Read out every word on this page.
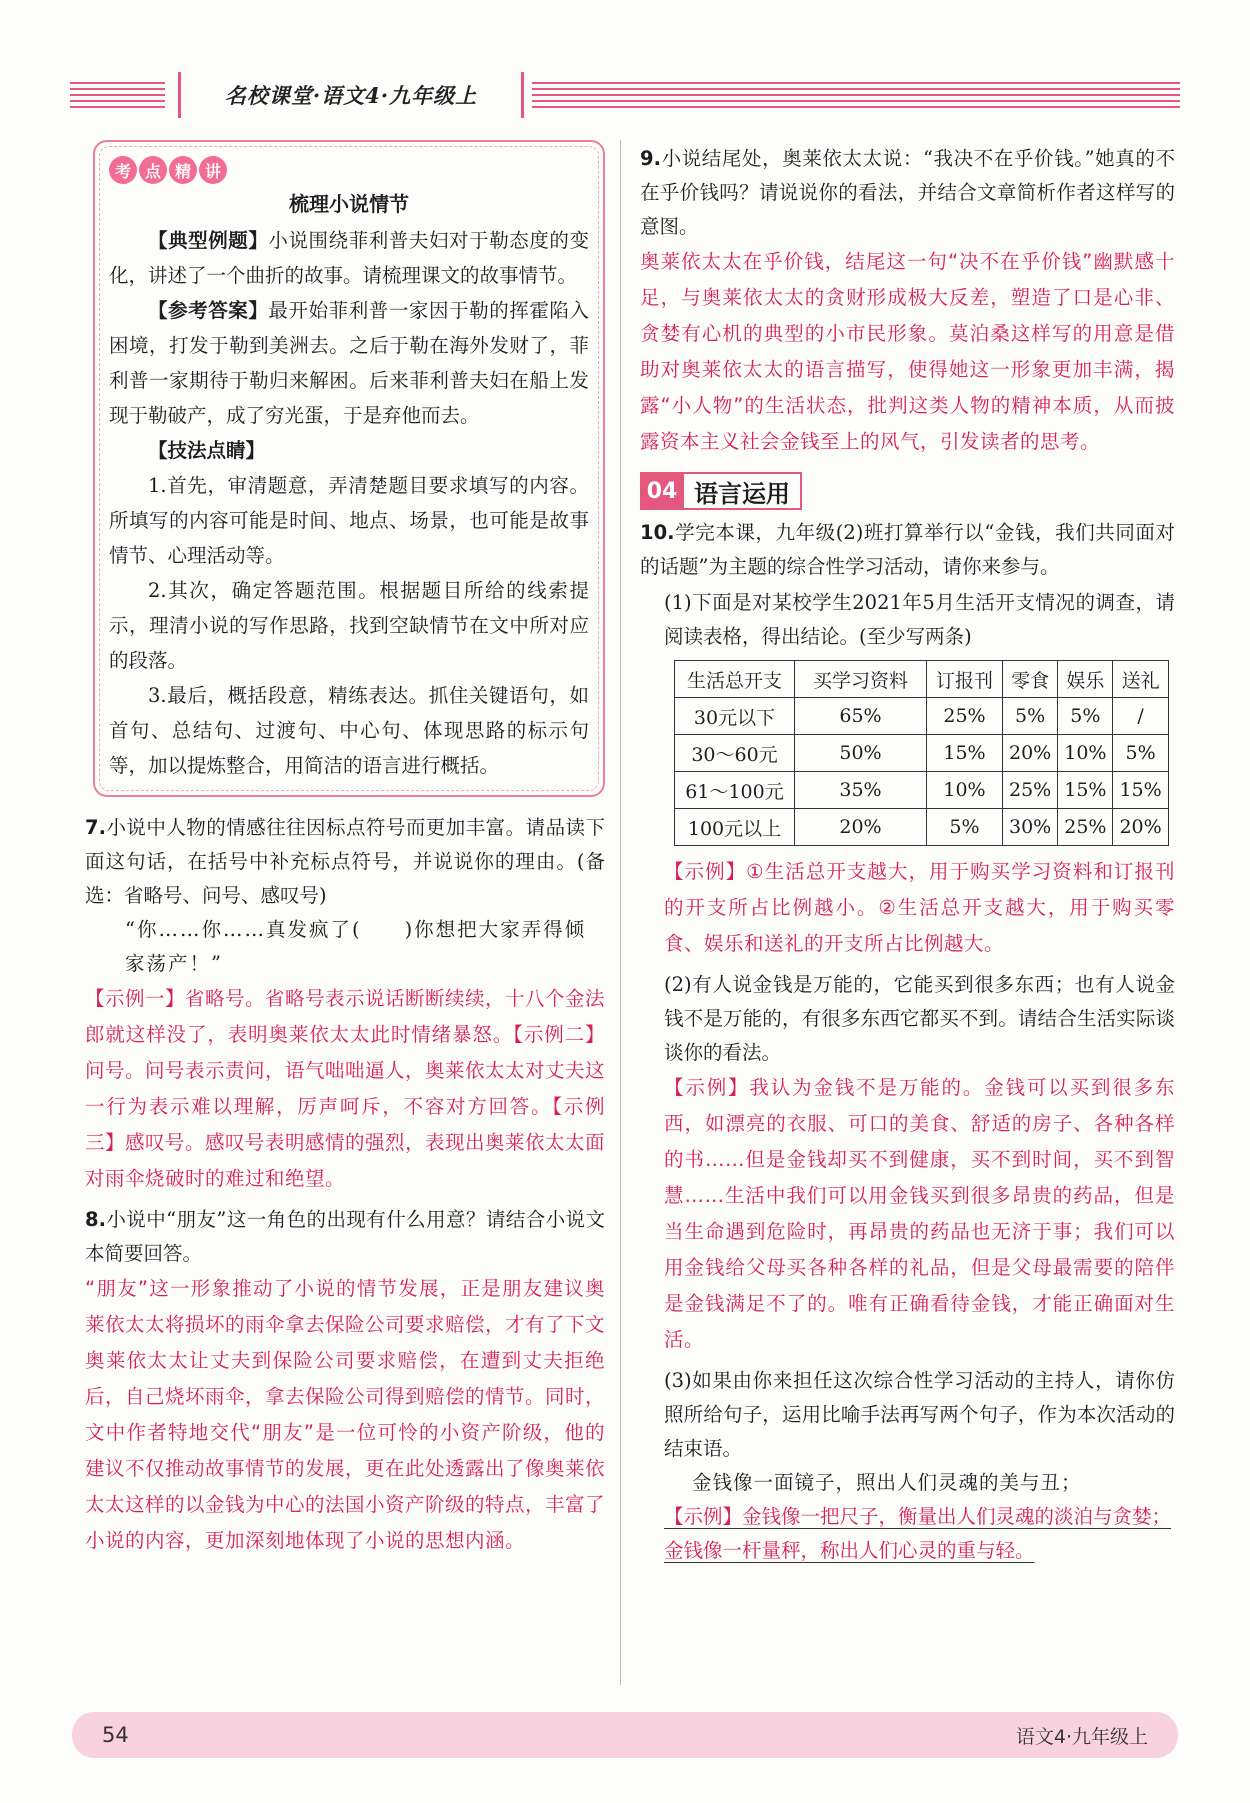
名校课堂·语文4·九年级上
考 点 精 讲
梳理小说情节

【典型例题】小说围绕菲利普夫妇对于勒态度的变化，讲述了一个曲折的故事。请梳理课文的故事情节。

【参考答案】最开始菲利普一家因于勒的挥霍陷入困境，打发于勒到美洲去。之后于勒在海外发财了，菲利普一家期待于勒归来解困。后来菲利普夫妇在船上发现于勒破产，成了穷光蛋，于是弃他而去。

【技法点睛】

1.首先，审清题意，弄清楚题目要求填写的内容。所填写的内容可能是时间、地点、场景，也可能是故事情节、心理活动等。

2.其次，确定答题范围。根据题目所给的线索提示，理清小说的写作思路，找到空缺情节在文中所对应的段落。

3.最后，概括段意，精练表达。抓住关键语句，如首句、总结句、过渡句、中心句、体现思路的标示句等，加以提炼整合，用简洁的语言进行概括。

7.小说中人物的情感往往因标点符号而更加丰富。请品读下面这句话，在括号中补充标点符号，并说说你的理由。(备选：省略号、问号、感叹号)

“你……你……真发疯了(　　)你想把大家弄得倾家荡产！”

【示例一】省略号。省略号表示说话断断续续，十八个金法郎就这样没了，表明奥莱依太太此时情绪暴怒。【示例二】问号。问号表示责问，语气咄咄逼人，奥莱依太太对丈夫这一行为表示难以理解，厉声呵斥，不容对方回答。【示例三】感叹号。感叹号表明感情的强烈，表现出奥莱依太太面对雨伞烧破时的难过和绝望。

8.小说中“朋友”这一角色的出现有什么用意？请结合小说文本简要回答。

“朋友”这一形象推动了小说的情节发展，正是朋友建议奥莱依太太将损坏的雨伞拿去保险公司要求赔偿，才有了下文奥莱依太太让丈夫到保险公司要求赔偿，在遭到丈夫拒绝后，自己烧坏雨伞，拿去保险公司得到赔偿的情节。同时，文中作者特地交代“朋友”是一位可怜的小资产阶级，他的建议不仅推动故事情节的发展，更在此处透露出了像奥莱依太太这样的以金钱为中心的法国小资产阶级的特点，丰富了小说的内容，更加深刻地体现了小说的思想内涵。

9.小说结尾处，奥莱依太太说：“我决不在乎价钱。”她真的不在乎价钱吗？请说说你的看法，并结合文章简析作者这样写的意图。

奥莱依太太在乎价钱，结尾这一句“决不在乎价钱”幽默感十足，与奥莱依太太的贪财形成极大反差，塑造了口是心非、贪婪有心机的典型的小市民形象。莫泊桑这样写的用意是借助对奥莱依太太的语言描写，使得她这一形象更加丰满，揭露“小人物”的生活状态，批判这类人物的精神本质，从而披露资本主义社会金钱至上的风气，引发读者的思考。

04 语言运用

10.学完本课，九年级(2)班打算举行以“金钱，我们共同面对的话题”为主题的综合性学习活动，请你来参与。

(1)下面是对某校学生2021年5月生活开支情况的调查，请阅读表格，得出结论。(至少写两条)

生活总开支	买学习资料	订报刊	零食	娱乐	送礼
30元以下	65%	25%	5%	5%	/
30～60元	50%	15%	20%	10%	5%
61～100元	35%	10%	25%	15%	15%
100元以上	20%	5%	30%	25%	20%

【示例】①生活总开支越大，用于购买学习资料和订报刊的开支所占比例越小。②生活总开支越大，用于购买零食、娱乐和送礼的开支所占比例越大。

(2)有人说金钱是万能的，它能买到很多东西；也有人说金钱不是万能的，有很多东西它都买不到。请结合生活实际谈谈你的看法。

【示例】我认为金钱不是万能的。金钱可以买到很多东西，如漂亮的衣服、可口的美食、舒适的房子、各种各样的书……但是金钱却买不到健康，买不到时间，买不到智慧……生活中我们可以用金钱买到很多昂贵的药品，但是当生命遇到危险时，再昂贵的药品也无济于事；我们可以用金钱给父母买各种各样的礼品，但是父母最需要的陪伴是金钱满足不了的。唯有正确看待金钱，才能正确面对生活。

(3)如果由你来担任这次综合性学习活动的主持人，请你仿照所给句子，运用比喻手法再写两个句子，作为本次活动的结束语。

金钱像一面镜子，照出人们灵魂的美与丑；

【示例】金钱像一把尺子，衡量出人们灵魂的淡泊与贪婪；金钱像一杆量秤，称出人们心灵的重与轻。

54	语文4·九年级上
